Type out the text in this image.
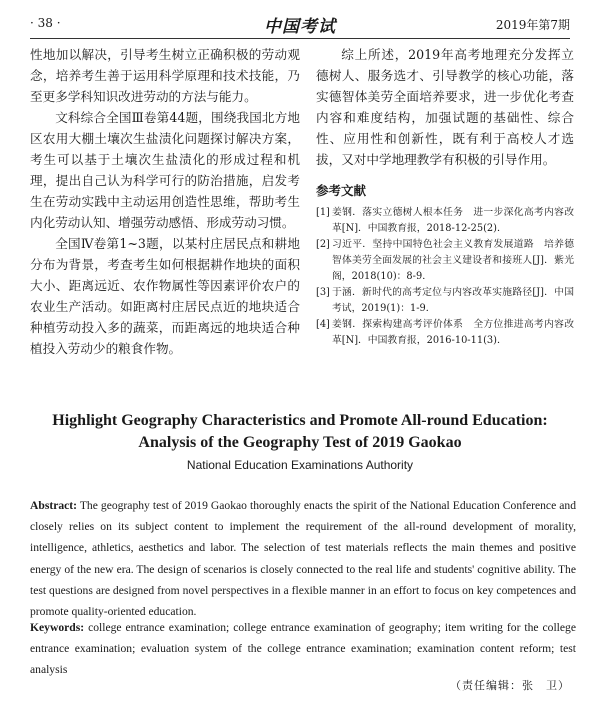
· 38 ·	中国考试	2019年第7期

性地加以解决，引导考生树立正确积极的劳动观念，培养考生善于运用科学原理和技术技能，乃至更多学科知识改进劳动的方法与能力。

文科综合全国Ⅲ卷第44题，围绕我国北方地区农用大棚土壤次生盐渍化问题探讨解决方案，考生可以基于土壤次生盐渍化的形成过程和机理，提出自己认为科学可行的防治措施，启发考生在劳动实践中主动运用创造性思维，帮助考生内化劳动认知、增强劳动感悟、形成劳动习惯。

全国Ⅳ卷第1~3题，以某村庄居民点和耕地分布为背景，考查考生如何根据耕作地块的面积大小、距离远近、农作物属性等因素评价农户的农业生产活动。如距离村庄居民点近的地块适合种植劳动投入多的蔬菜，而距离远的地块适合种植投入劳动少的粮食作物。

综上所述，2019年高考地理充分发挥立德树人、服务选才、引导教学的核心功能，落实德智体美劳全面培养要求，进一步优化考查内容和难度结构，加强试题的基础性、综合性、应用性和创新性，既有利于高校人才选拔，又对中学地理教学有积极的引导作用。

参考文献

[1] 姜钢．落实立德树人根本任务　进一步深化高考内容改革[N]．中国教育报，2018-12-25(2)．

[2] 习近平．坚持中国特色社会主义教育发展道路　培养德智体美劳全面发展的社会主义建设者和接班人[J]．紫光阁，2018(10)：8-9．

[3] 于涵．新时代的高考定位与内容改革实施路径[J]．中国考试，2019(1)：1-9．

[4] 姜钢．探索构建高考评价体系　全方位推进高考内容改革[N]．中国教育报，2016-10-11(3)．

Highlight Geography Characteristics and Promote All-round Education:
Analysis of the Geography Test of 2019 Gaokao
National Education Examinations Authority
Abstract: The geography test of 2019 Gaokao thoroughly enacts the spirit of the National Education Conference and closely relies on its subject content to implement the requirement of the all-round development of morality, intelligence, athletics, aesthetics and labor. The selection of test materials reflects the main themes and positive energy of the new era. The design of scenarios is closely connected to the real life and students' cognitive ability. The test questions are designed from novel perspectives in a flexible manner in an effort to focus on key competences and promote quality-oriented education.
Keywords: college entrance examination; college entrance examination of geography; item writing for the college entrance examination; evaluation system of the college entrance examination; examination content reform; test analysis
（责任编辑：张　卫）
